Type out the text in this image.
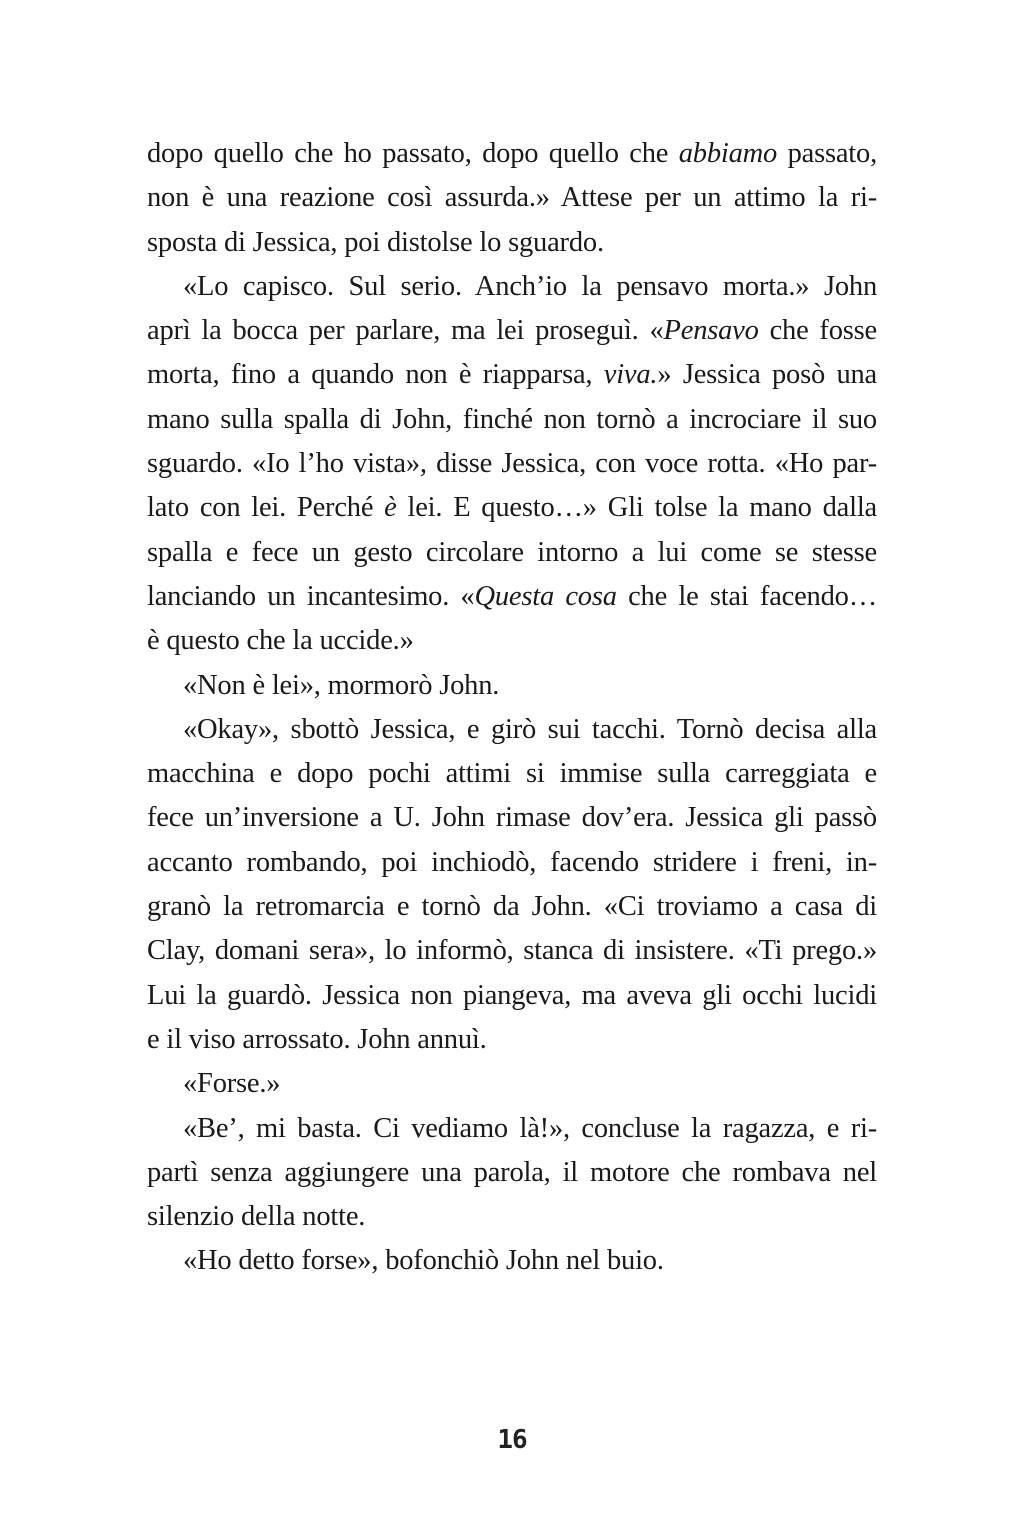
dopo quello che ho passato, dopo quello che abbiamo passato,
non è una reazione così assurda.» Attese per un attimo la ri-
sposta di Jessica, poi distolse lo sguardo.
«Lo capisco. Sul serio. Anch’io la pensavo morta.» John
aprì la bocca per parlare, ma lei proseguì. «Pensavo che fosse
morta, fino a quando non è riapparsa, viva.» Jessica posò una
mano sulla spalla di John, finché non tornò a incrociare il suo
sguardo. «Io l’ho vista», disse Jessica, con voce rotta. «Ho par-
lato con lei. Perché è lei. E questo…» Gli tolse la mano dalla
spalla e fece un gesto circolare intorno a lui come se stesse
lanciando un incantesimo. «Questa cosa che le stai facendo…
è questo che la uccide.»
«Non è lei», mormorò John.
«Okay», sbottò Jessica, e girò sui tacchi. Tornò decisa alla
macchina e dopo pochi attimi si immise sulla carreggiata e
fece un’inversione a U. John rimase dov’era. Jessica gli passò
accanto rombando, poi inchiodò, facendo stridere i freni, in-
granò la retromarcia e tornò da John. «Ci troviamo a casa di
Clay, domani sera», lo informò, stanca di insistere. «Ti prego.»
Lui la guardò. Jessica non piangeva, ma aveva gli occhi lucidi
e il viso arrossato. John annuì.
«Forse.»
«Be’, mi basta. Ci vediamo là!», concluse la ragazza, e ri-
partì senza aggiungere una parola, il motore che rombava nel
silenzio della notte.
«Ho detto forse», bofonchiò John nel buio.
16
